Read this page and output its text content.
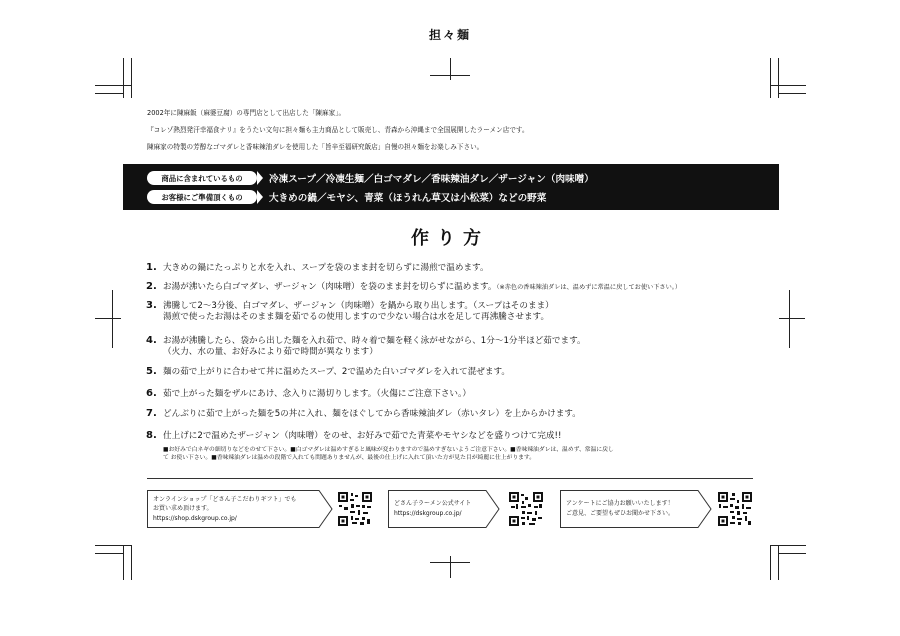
担々麺
2002年に陳麻飯（麻婆豆腐）の専門店として出店した「陳麻家」。
『コレゾ熱烈発汗幸福食ナリ』をうたい文句に担々麺も主力商品として販売し、青森から沖縄まで全国展開したラーメン店です。
陳麻家の特製の芳醇なゴマダレと香味辣油ダレを使用した「旨辛至福研究飯店」自慢の担々麺をお楽しみ下さい。
商品に含まれているもの	冷凍スープ／冷凍生麺／白ゴマダレ／香味辣油ダレ／ザージャン（肉味噌）
お客様にご準備頂くもの	大きめの鍋／モヤシ、青菜（ほうれん草又は小松菜）などの野菜
作り方
1. 大きめの鍋にたっぷりと水を入れ、スープを袋のまま封を切らずに湯煎で温めます。
2. お湯が沸いたら白ゴマダレ、ザージャン（肉味噌）を袋のまま封を切らずに温めます。（※赤色の香味辣油ダレは、温めずに常温に戻してお使い下さい。）
3. 沸騰して2〜3分後、白ゴマダレ、ザージャン（肉味噌）を鍋から取り出します。（スープはそのまま）
湯煎で使ったお湯はそのまま麺を茹でるの使用しますので少ない場合は水を足して再沸騰させます。
4. お湯が沸騰したら、袋から出した麺を入れ茹で、時々着で麺を軽く泳がせながら、1分〜1分半ほど茹でます。
（火力、水の量、お好みにより茹で時間が異なります）
5. 麺の茹で上がりに合わせて丼に温めたスープ、2で温めた白いゴマダレを入れて混ぜます。
6. 茹で上がった麺をザルにあけ、念入りに湯切りします。（火傷にご注意下さい。）
7. どんぶりに茹で上がった麺を5の丼に入れ、麺をほぐしてから香味辣油ダレ（赤いタレ）を上からかけます。
8. 仕上げに2で温めたザージャン（肉味噌）をのせ、お好みで茹でた青菜やモヤシなどを盛りつけて完成!!
■お好みで白ネギの細切りなどをのせて下さい。■白ゴマダレは温めすぎると風味が変わりますので温めすぎないようご注意下さい。■香味辣油ダレは、温めず、常温に戻し
て お使い下さい。■香味辣油ダレは温めの段階で入れても問題ありませんが、最後の仕上げに入れて頂いた方が見た目が綺麗に仕上がります。
オンラインショップ「どさん子こだわりギフト」でも
お買い求め頂けます。
https://shop.dskgroup.co.jp/
どさん子ラーメン公式サイト
https://dskgroup.co.jp/
アンケートにご協力お願いいたします！
ご意見、ご要望もぜひお聞かせ下さい。
